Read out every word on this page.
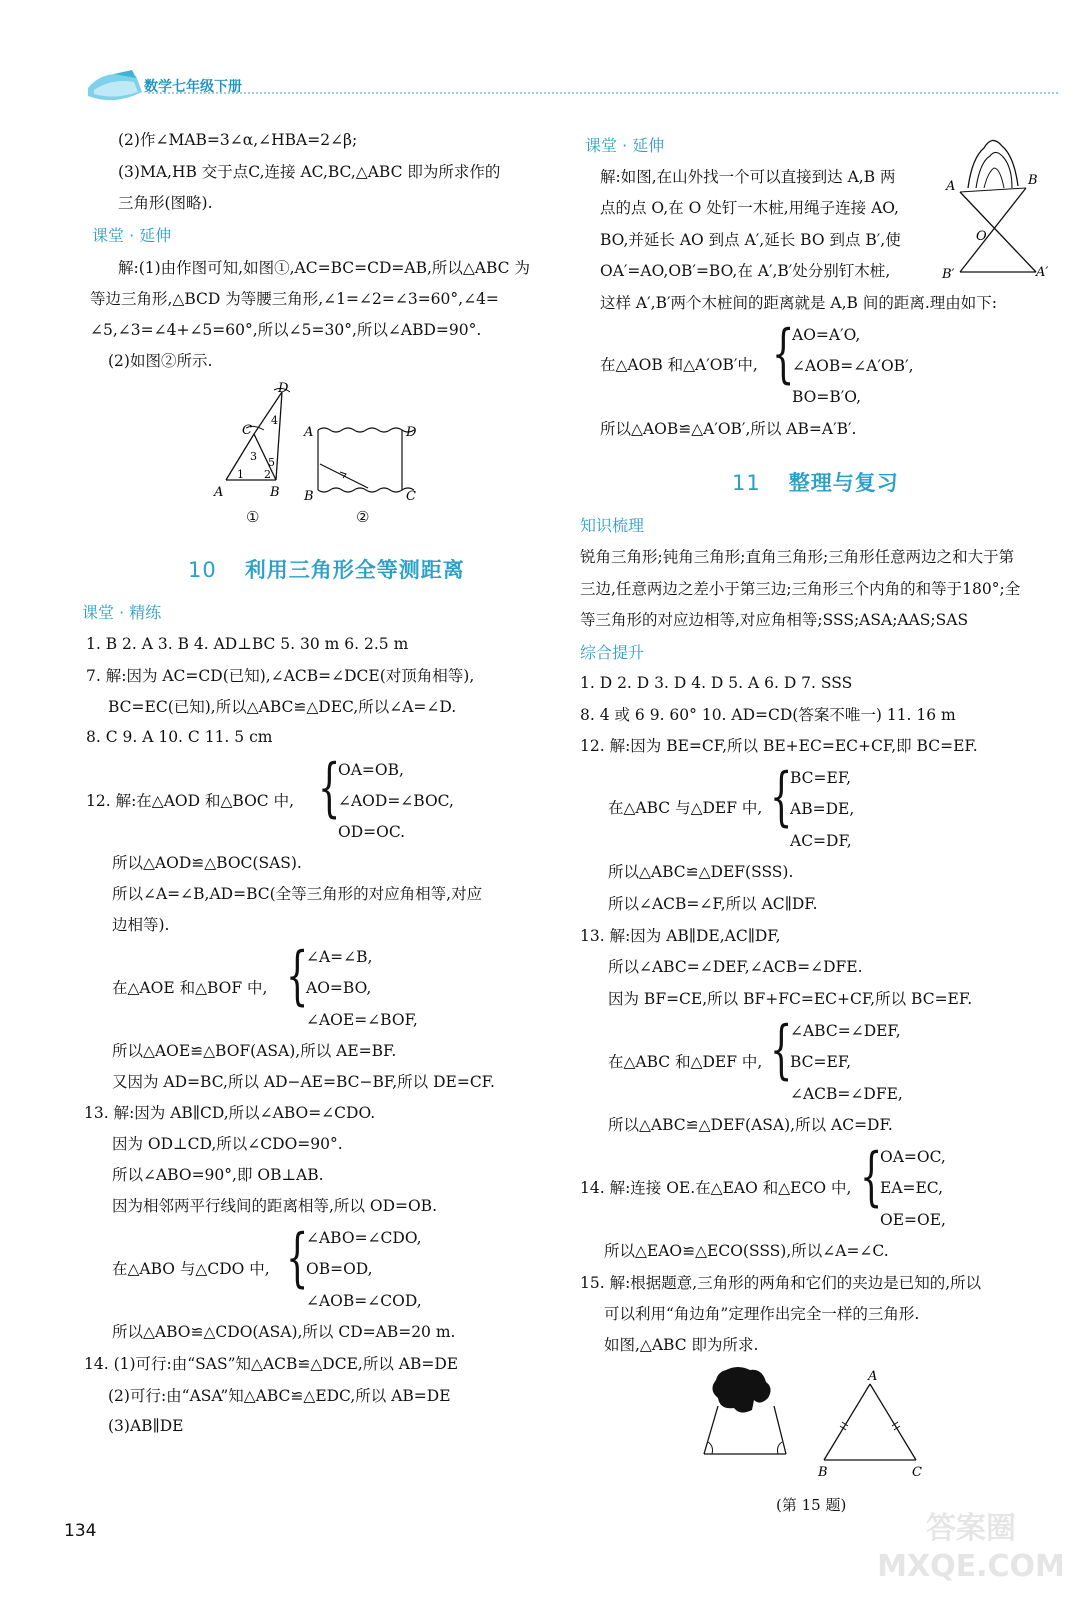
数学七年级下册
(2)作∠MAB=3∠α,∠HBA=2∠β;
(3)MA,HB 交于点C,连接 AC,BC,△ABC 即为所求作的
三角形(图略).
课堂 · 延伸
解:(1)由作图可知,如图①,AC=BC=CD=AB,所以△ABC 为
等边三角形,△BCD 为等腰三角形,∠1=∠2=∠3=60°,∠4=
∠5,∠3=∠4+∠5=60°,所以∠5=30°,所以∠ABD=90°.
(2)如图②所示.
A	B
C
D
1 2
3
4
5
①
A
B	C
D
②
10 利用三角形全等测距离
课堂 · 精练
1. B 2. A 3. B 4. AD⊥BC 5. 30 m 6. 2.5 m
7. 解:因为 AC=CD(已知),∠ACB=∠DCE(对顶角相等),
BC=EC(已知),所以△ABC≌△DEC,所以∠A=∠D.
8. C 9. A 10. C 11. 5 cm
12. 解:在△AOD 和△BOC 中, {
OA=OB,
∠AOD=∠BOC,
OD=OC.
所以△AOD≌△BOC(SAS).
所以∠A=∠B,AD=BC(全等三角形的对应角相等,对应
边相等).
在△AOE 和△BOF 中, {
∠A=∠B,
AO=BO,
∠AOE=∠BOF,
所以△AOE≌△BOF(ASA),所以 AE=BF.
又因为 AD=BC,所以 AD−AE=BC−BF,所以 DE=CF.
13. 解:因为 AB∥CD,所以∠ABO=∠CDO.
因为 OD⊥CD,所以∠CDO=90°.
所以∠ABO=90°,即 OB⊥AB.
因为相邻两平行线间的距离相等,所以 OD=OB.
在△ABO 与△CDO 中, {
∠ABO=∠CDO,
OB=OD,
∠AOB=∠COD,
所以△ABO≌△CDO(ASA),所以 CD=AB=20 m.
14. (1)可行:由“SAS”知△ACB≌△DCE,所以 AB=DE
(2)可行:由“ASA”知△ABC≌△EDC,所以 AB=DE
(3)AB∥DE
134
课堂 · 延伸
解:如图,在山外找一个可以直接到达 A,B 两
点的点 O,在 O 处钉一木桩,用绳子连接 AO,
BO,并延长 AO 到点 A′,延长 BO 到点 B′,使
OA′=AO,OB′=BO,在 A′,B′处分别钉木桩,
这样 A′,B′两个木桩间的距离就是 A,B 间的距离.理由如下:
A	B
O
B′	A′
在△AOB 和△A′OB′中, {
AO=A′O,
∠AOB=∠A′OB′,
BO=B′O,
所以△AOB≌△A′OB′,所以 AB=A′B′.
11 整理与复习
知识梳理
锐角三角形;钝角三角形;直角三角形;三角形任意两边之和大于第
三边,任意两边之差小于第三边;三角形三个内角的和等于180°;全
等三角形的对应边相等,对应角相等;SSS;ASA;AAS;SAS
综合提升
1. D 2. D 3. D 4. D 5. A 6. D 7. SSS
8. 4 或 6 9. 60° 10. AD=CD(答案不唯一) 11. 16 m
12. 解:因为 BE=CF,所以 BE+EC=EC+CF,即 BC=EF.
在△ABC 与△DEF 中, {
BC=EF,
AB=DE,
AC=DF,
所以△ABC≌△DEF(SSS).
所以∠ACB=∠F,所以 AC∥DF.
13. 解:因为 AB∥DE,AC∥DF,
所以∠ABC=∠DEF,∠ACB=∠DFE.
因为 BF=CE,所以 BF+FC=EC+CF,所以 BC=EF.
在△ABC 和△DEF 中, {
∠ABC=∠DEF,
BC=EF,
∠ACB=∠DFE,
所以△ABC≌△DEF(ASA),所以 AC=DF.
14. 解:连接 OE.在△EAO 和△ECO 中, {
OA=OC,
EA=EC,
OE=OE,
所以△EAO≌△ECO(SSS),所以∠A=∠C.
15. 解:根据题意,三角形的两角和它们的夹边是已知的,所以
可以利用“角边角”定理作出完全一样的三角形.
如图,△ABC 即为所求.
A
B	C
(第 15 题)
答案圈 MXQE.COM
